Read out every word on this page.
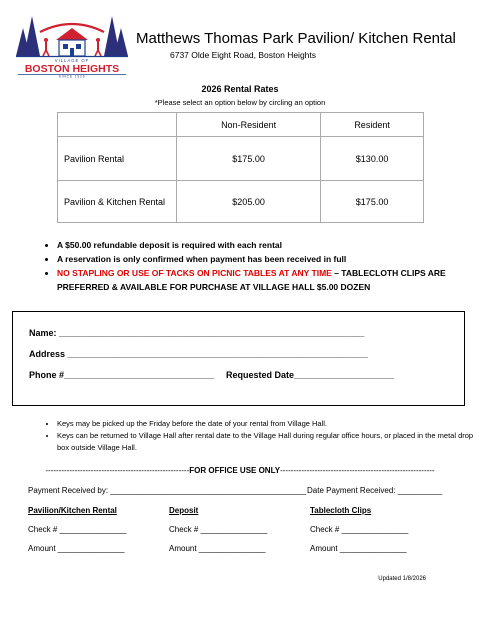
VILLAGE OF
BOSTON HEIGHTS
SINCE 1926
Matthews Thomas Park Pavilion/ Kitchen Rental
6737 Olde Eight Road, Boston Heights
2026 Rental Rates
*Please select an option below by circling an option
	Non-Resident	Resident
Pavilion Rental	$175.00	$130.00
Pavilion & Kitchen Rental	$205.00	$175.00
• A $50.00 refundable deposit is required with each rental
• A reservation is only confirmed when payment has been received in full
• NO STAPLING OR USE OF TACKS ON PICNIC TABLES AT ANY TIME – TABLECLOTH CLIPS ARE PREFERRED & AVAILABLE FOR PURCHASE AT VILLAGE HALL $5.00 DOZEN
Name: _____________________________________________________________
Address ____________________________________________________________
Phone #______________________________ Requested Date____________________
• Keys may be picked up the Friday before the date of your rental from Village Hall.
• Keys can be returned to Village Hall after rental date to the Village Hall during regular office hours, or placed in the metal drop box outside Village Hall.
------------------------------------------------------FOR OFFICE USE ONLY----------------------------------------------------------
Payment Received by: ____________________________________________ Date Payment Received: __________
Pavilion/Kitchen Rental	Deposit	Tablecloth Clips
Check # _______________	Check # _______________	Check # _______________
Amount _______________	Amount _______________	Amount _______________
Updated 1/8/2026
